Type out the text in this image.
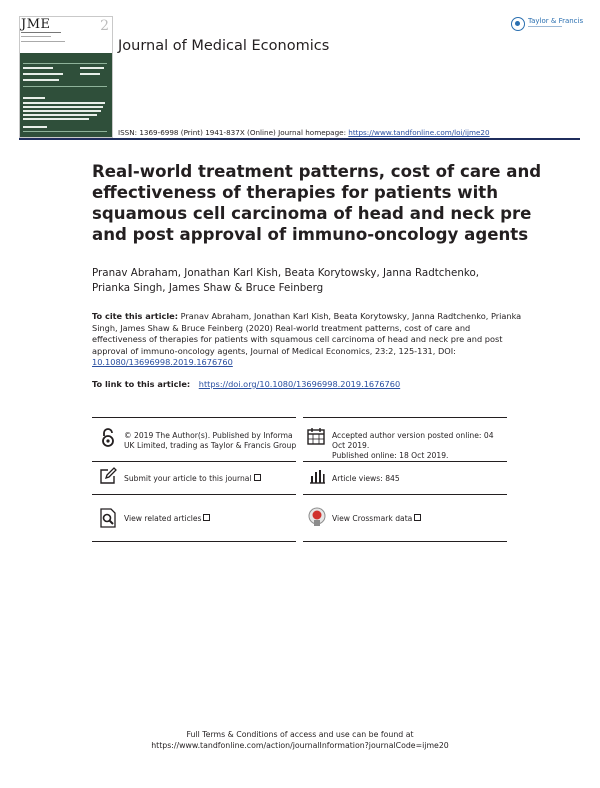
JME	2
Journal of Medical Economics
Taylor & Francis
ISSN: 1369-6998 (Print) 1941-837X (Online) Journal homepage: https://www.tandfonline.com/loi/ijme20
Real-world treatment patterns, cost of care and effectiveness of therapies for patients with squamous cell carcinoma of head and neck pre and post approval of immuno-oncology agents
Pranav Abraham, Jonathan Karl Kish, Beata Korytowsky, Janna Radtchenko,
Prianka Singh, James Shaw & Bruce Feinberg
To cite this article: Pranav Abraham, Jonathan Karl Kish, Beata Korytowsky, Janna Radtchenko, Prianka Singh, James Shaw & Bruce Feinberg (2020) Real-world treatment patterns, cost of care and effectiveness of therapies for patients with squamous cell carcinoma of head and neck pre and post approval of immuno-oncology agents, Journal of Medical Economics, 23:2, 125-131, DOI: 10.1080/13696998.2019.1676760
To link to this article: https://doi.org/10.1080/13696998.2019.1676760
© 2019 The Author(s). Published by Informa UK Limited, trading as Taylor & Francis Group
Accepted author version posted online: 04
Oct 2019.
Published online: 18 Oct 2019.
Submit your article to this journal	Article views: 845
View related articles	View Crossmark data
Full Terms & Conditions of access and use can be found at
https://www.tandfonline.com/action/journalInformation?journalCode=ijme20
